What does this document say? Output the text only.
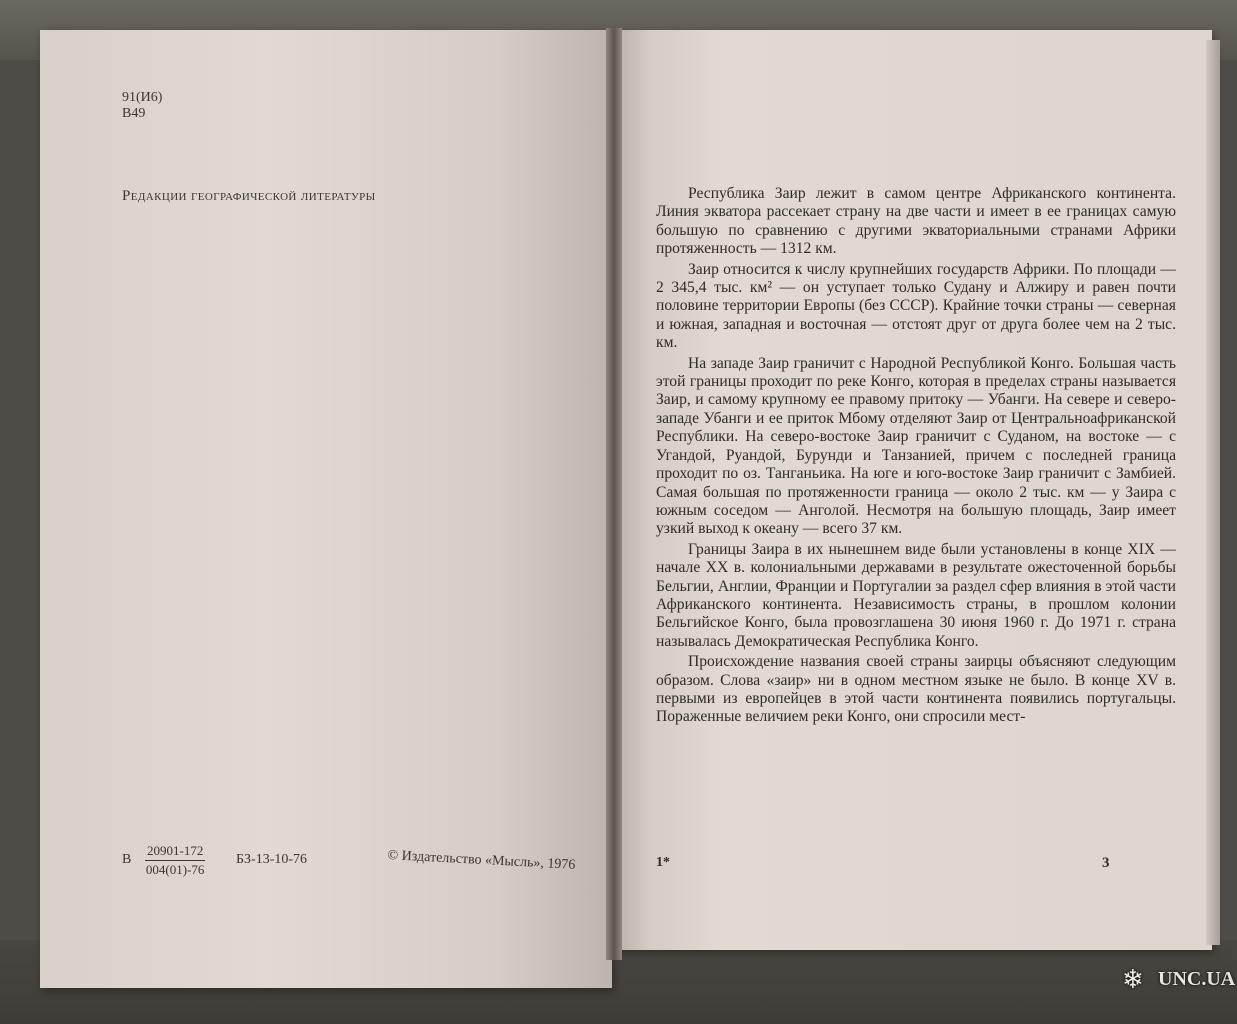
91(И6)
В49
Редакции географической литературы
В $\frac{20901-172}{004(01)-76} БЗ-13-10-76$	© Издательство «Мысль», 1976

Республика Заир лежит в самом центре Африканского континента. Линия экватора рассекает страну на две части и имеет в ее границах самую большую по сравнению с другими экваториальными странами Африки протяженность — 1312 км.

Заир относится к числу крупнейших государств Африки. По площади — 2 345,4 тыс. км² — он уступает только Судану и Алжиру и равен почти половине территории Европы (без СССР). Крайние точки страны — северная и южная, западная и восточная — отстоят друг от друга более чем на 2 тыс. км.

На западе Заир граничит с Народной Республикой Конго. Большая часть этой границы проходит по реке Конго, которая в пределах страны называется Заир, и самому крупному ее правому притоку — Убанги. На севере и северо-западе Убанги и ее приток Мбому отделяют Заир от Центральноафриканской Республики. На северо-востоке Заир граничит с Суданом, на востоке — с Угандой, Руандой, Бурунди и Танзанией, причем с последней граница проходит по оз. Танганьика. На юге и юго-востоке Заир граничит с Замбией. Самая большая по протяженности граница — около 2 тыс. км — у Заира с южным соседом — Анголой. Несмотря на большую площадь, Заир имеет узкий выход к океану — всего 37 км.

Границы Заира в их нынешнем виде были установлены в конце XIX — начале XX в. колониальными державами в результате ожесточенной борьбы Бельгии, Англии, Франции и Португалии за раздел сфер влияния в этой части Африканского континента. Независимость страны, в прошлом колонии Бельгийское Конго, была провозглашена 30 июня 1960 г. До 1971 г. страна называлась Демократическая Республика Конго.

Происхождение названия своей страны заирцы объясняют следующим образом. Слова «заир» ни в одном местном языке не было. В конце XV в. первыми из европейцев в этой части континента появились португальцы. Пораженные величием реки Конго, они спросили мест-

1*	3
❄ UNC.UA
